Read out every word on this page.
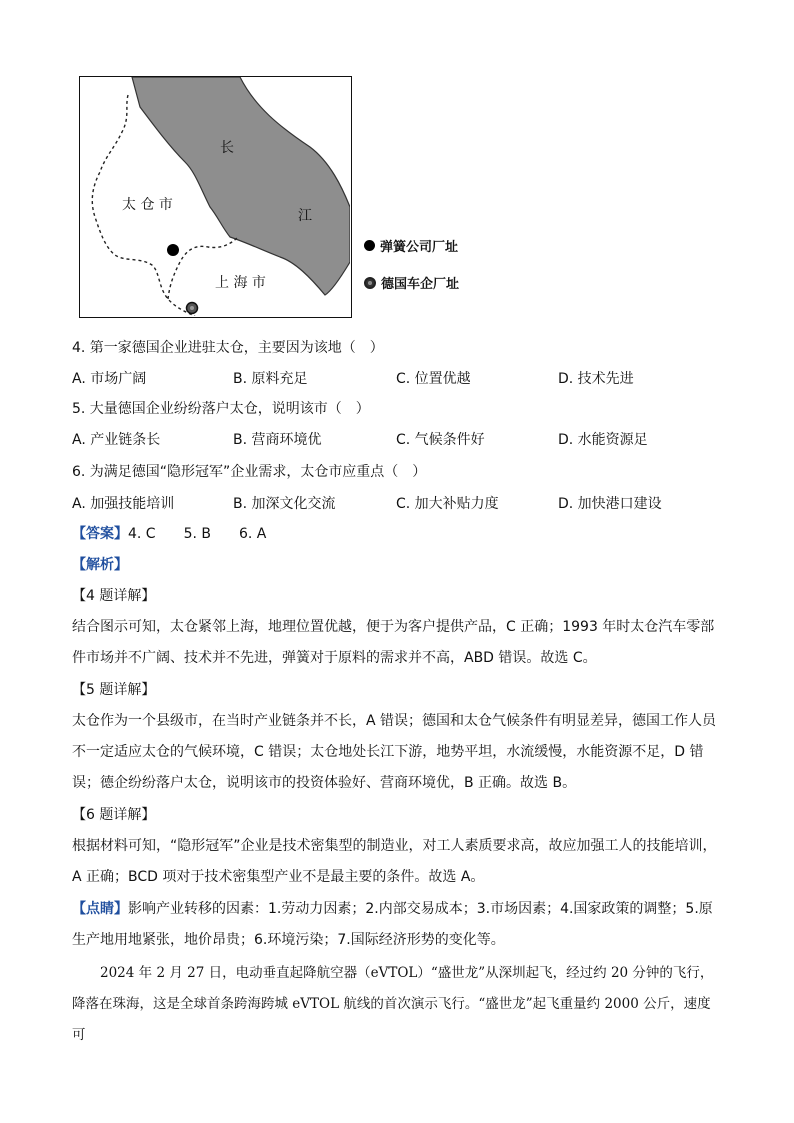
太 仓 市
上 海 市
长
江
弹簧公司厂址
德国车企厂址
4. 第一家德国企业进驻太仓，主要因为该地（　）
A. 市场广阔	B. 原料充足	C. 位置优越	D. 技术先进
5. 大量德国企业纷纷落户太仓，说明该市（　）
A. 产业链条长	B. 营商环境优	C. 气候条件好	D. 水能资源足
6. 为满足德国“隐形冠军”企业需求，太仓市应重点（　）
A. 加强技能培训	B. 加深文化交流	C. 加大补贴力度	D. 加快港口建设
【答案】4. C　　5. B　　6. A
【解析】
【4 题详解】
结合图示可知，太仓紧邻上海，地理位置优越，便于为客户提供产品，C 正确；1993 年时太仓汽车零部件市场并不广阔、技术并不先进，弹簧对于原料的需求并不高，ABD 错误。故选 C。
【5 题详解】
太仓作为一个县级市，在当时产业链条并不长，A 错误；德国和太仓气候条件有明显差异，德国工作人员不一定适应太仓的气候环境，C 错误；太仓地处长江下游，地势平坦，水流缓慢，水能资源不足，D 错误；德企纷纷落户太仓，说明该市的投资体验好、营商环境优，B 正确。故选 B。
【6 题详解】
根据材料可知，“隐形冠军”企业是技术密集型的制造业，对工人素质要求高，故应加强工人的技能培训，A 正确；BCD 项对于技术密集型产业不是最主要的条件。故选 A。
【点睛】影响产业转移的因素：1.劳动力因素；2.内部交易成本；3.市场因素；4.国家政策的调整；5.原生产地用地紧张，地价昂贵；6.环境污染；7.国际经济形势的变化等。
2024 年 2 月 27 日，电动垂直起降航空器（eVTOL）“盛世龙”从深圳起飞，经过约 20 分钟的飞行，降落在珠海，这是全球首条跨海跨城 eVTOL 航线的首次演示飞行。“盛世龙”起飞重量约 2000 公斤，速度可
